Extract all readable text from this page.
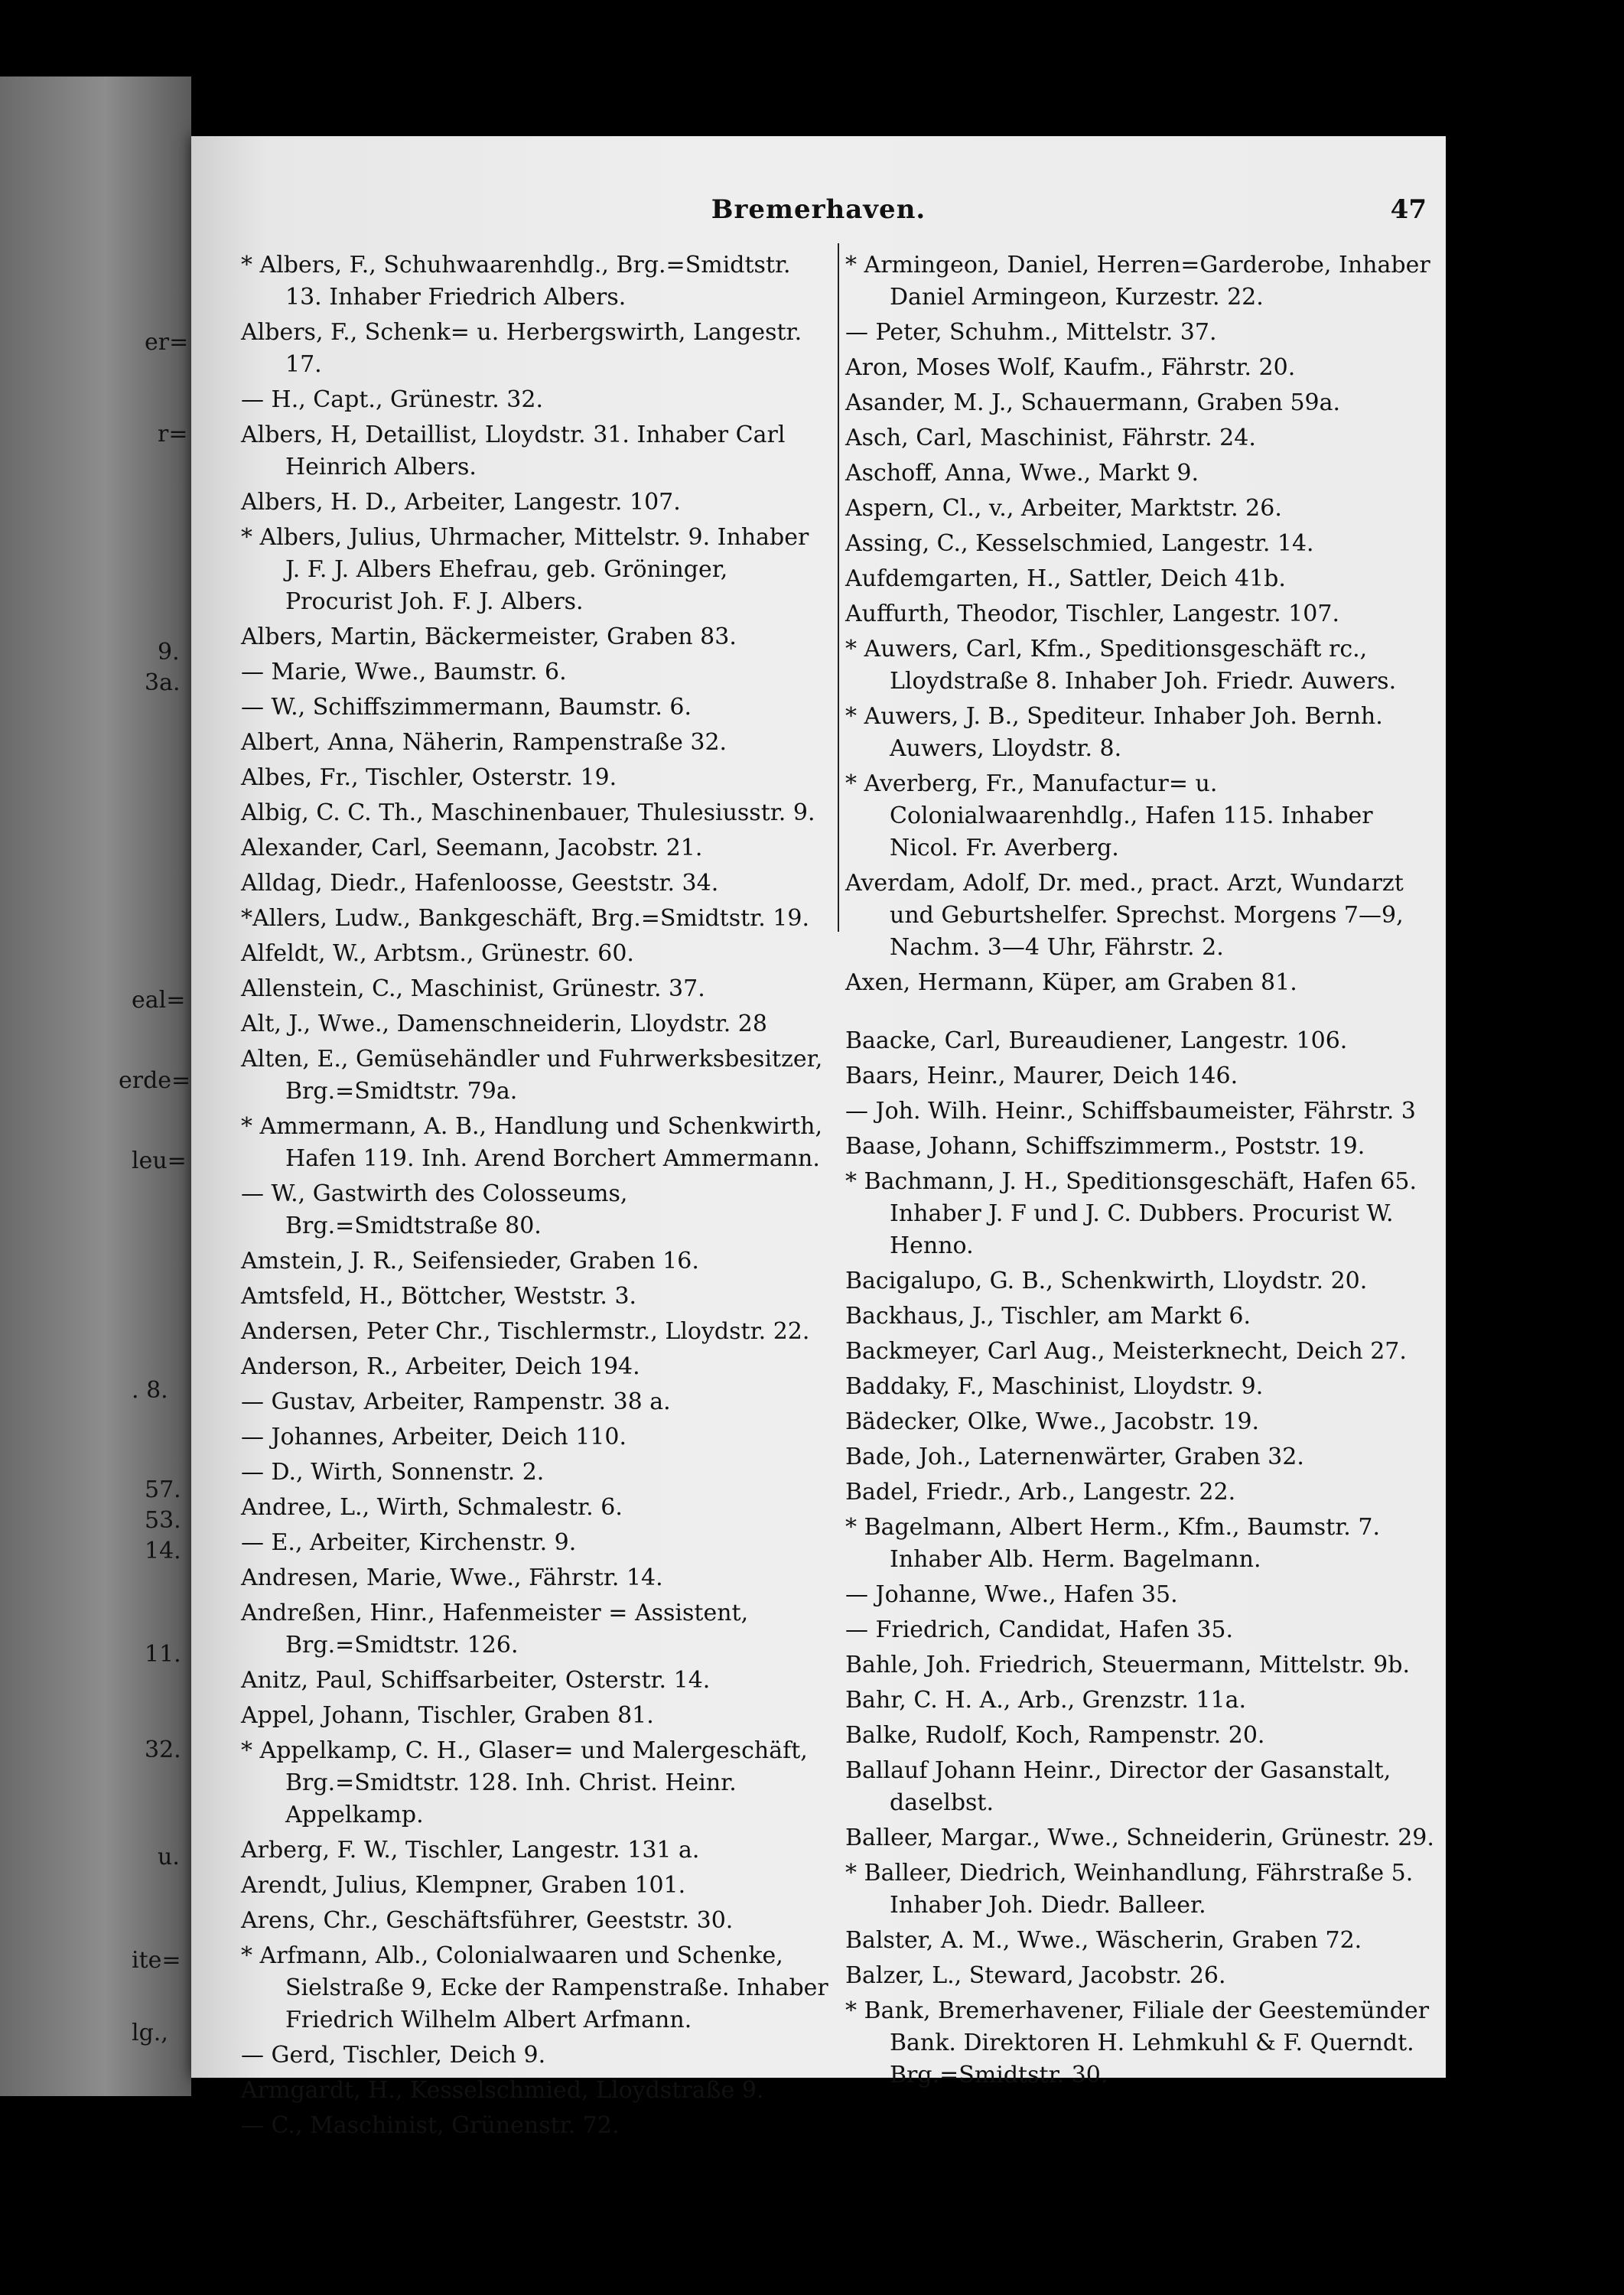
er=
r=
9.
3a.
eal=
erde=
leu=
. 8.
57.
53.
14.
11.
32.
u.
ite=
lg.,
Bremerhaven.	47
* Albers, F., Schuhwaarenhdlg., Brg.=Smidtstr. 13. Inhaber Friedrich Albers.
Albers, F., Schenk= u. Herbergswirth, Langestr. 17.
— H., Capt., Grünestr. 32.
Albers, H, Detaillist, Lloydstr. 31. Inhaber Carl Heinrich Albers.
Albers, H. D., Arbeiter, Langestr. 107.
* Albers, Julius, Uhrmacher, Mittelstr. 9. Inhaber J. F. J. Albers Ehefrau, geb. Gröninger, Procurist Joh. F. J. Albers.
Albers, Martin, Bäckermeister, Graben 83.
— Marie, Wwe., Baumstr. 6.
— W., Schiffszimmermann, Baumstr. 6.
Albert, Anna, Näherin, Rampenstraße 32.
Albes, Fr., Tischler, Osterstr. 19.
Albig, C. C. Th., Maschinenbauer, Thulesiusstr. 9.
Alexander, Carl, Seemann, Jacobstr. 21.
Alldag, Diedr., Hafenloosse, Geeststr. 34.
*Allers, Ludw., Bankgeschäft, Brg.=Smidtstr. 19.
Alfeldt, W., Arbtsm., Grünestr. 60.
Allenstein, C., Maschinist, Grünestr. 37.
Alt, J., Wwe., Damenschneiderin, Lloydstr. 28
Alten, E., Gemüsehändler und Fuhrwerksbesitzer, Brg.=Smidtstr. 79a.
* Ammermann, A. B., Handlung und Schenkwirth, Hafen 119. Inh. Arend Borchert Ammermann.
— W., Gastwirth des Colosseums, Brg.=Smidtstraße 80.
Amstein, J. R., Seifensieder, Graben 16.
Amtsfeld, H., Böttcher, Weststr. 3.
Andersen, Peter Chr., Tischlermstr., Lloydstr. 22.
Anderson, R., Arbeiter, Deich 194.
— Gustav, Arbeiter, Rampenstr. 38 a.
— Johannes, Arbeiter, Deich 110.
— D., Wirth, Sonnenstr. 2.
Andree, L., Wirth, Schmalestr. 6.
— E., Arbeiter, Kirchenstr. 9.
Andresen, Marie, Wwe., Fährstr. 14.
Andreßen, Hinr., Hafenmeister = Assistent, Brg.=Smidtstr. 126.
Anitz, Paul, Schiffsarbeiter, Osterstr. 14.
Appel, Johann, Tischler, Graben 81.
* Appelkamp, C. H., Glaser= und Malergeschäft, Brg.=Smidtstr. 128. Inh. Christ. Heinr. Appelkamp.
Arberg, F. W., Tischler, Langestr. 131 a.
Arendt, Julius, Klempner, Graben 101.
Arens, Chr., Geschäftsführer, Geeststr. 30.
* Arfmann, Alb., Colonialwaaren und Schenke, Sielstraße 9, Ecke der Rampenstraße. Inhaber Friedrich Wilhelm Albert Arfmann.
— Gerd, Tischler, Deich 9.
Armgardt, H., Kesselschmied, Lloydstraße 9.
— C., Maschinist, Grünenstr. 72.
* Armingeon, Daniel, Herren=Garderobe, Inhaber Daniel Armingeon, Kurzestr. 22.
— Peter, Schuhm., Mittelstr. 37.
Aron, Moses Wolf, Kaufm., Fährstr. 20.
Asander, M. J., Schauermann, Graben 59a.
Asch, Carl, Maschinist, Fährstr. 24.
Aschoff, Anna, Wwe., Markt 9.
Aspern, Cl., v., Arbeiter, Marktstr. 26.
Assing, C., Kesselschmied, Langestr. 14.
Aufdemgarten, H., Sattler, Deich 41b.
Auffurth, Theodor, Tischler, Langestr. 107.
* Auwers, Carl, Kfm., Speditionsgeschäft rc., Lloydstraße 8. Inhaber Joh. Friedr. Auwers.
* Auwers, J. B., Spediteur. Inhaber Joh. Bernh. Auwers, Lloydstr. 8.
* Averberg, Fr., Manufactur= u. Colonialwaarenhdlg., Hafen 115. Inhaber Nicol. Fr. Averberg.
Averdam, Adolf, Dr. med., pract. Arzt, Wundarzt und Geburtshelfer. Sprechst. Morgens 7—9, Nachm. 3—4 Uhr, Fährstr. 2.
Axen, Hermann, Küper, am Graben 81.
Baacke, Carl, Bureaudiener, Langestr. 106.
Baars, Heinr., Maurer, Deich 146.
— Joh. Wilh. Heinr., Schiffsbaumeister, Fährstr. 3
Baase, Johann, Schiffszimmerm., Poststr. 19.
* Bachmann, J. H., Speditionsgeschäft, Hafen 65. Inhaber J. F und J. C. Dubbers. Procurist W. Henno.
Bacigalupo, G. B., Schenkwirth, Lloydstr. 20.
Backhaus, J., Tischler, am Markt 6.
Backmeyer, Carl Aug., Meisterknecht, Deich 27.
Baddaky, F., Maschinist, Lloydstr. 9.
Bädecker, Olke, Wwe., Jacobstr. 19.
Bade, Joh., Laternenwärter, Graben 32.
Badel, Friedr., Arb., Langestr. 22.
* Bagelmann, Albert Herm., Kfm., Baumstr. 7. Inhaber Alb. Herm. Bagelmann.
— Johanne, Wwe., Hafen 35.
— Friedrich, Candidat, Hafen 35.
Bahle, Joh. Friedrich, Steuermann, Mittelstr. 9b.
Bahr, C. H. A., Arb., Grenzstr. 11a.
Balke, Rudolf, Koch, Rampenstr. 20.
Ballauf Johann Heinr., Director der Gasanstalt, daselbst.
Balleer, Margar., Wwe., Schneiderin, Grünestr. 29.
* Balleer, Diedrich, Weinhandlung, Fährstraße 5. Inhaber Joh. Diedr. Balleer.
Balster, A. M., Wwe., Wäscherin, Graben 72.
Balzer, L., Steward, Jacobstr. 26.
* Bank, Bremerhavener, Filiale der Geestemünder Bank. Direktoren H. Lehmkuhl & F. Querndt. Brg.=Smidtstr. 30.
